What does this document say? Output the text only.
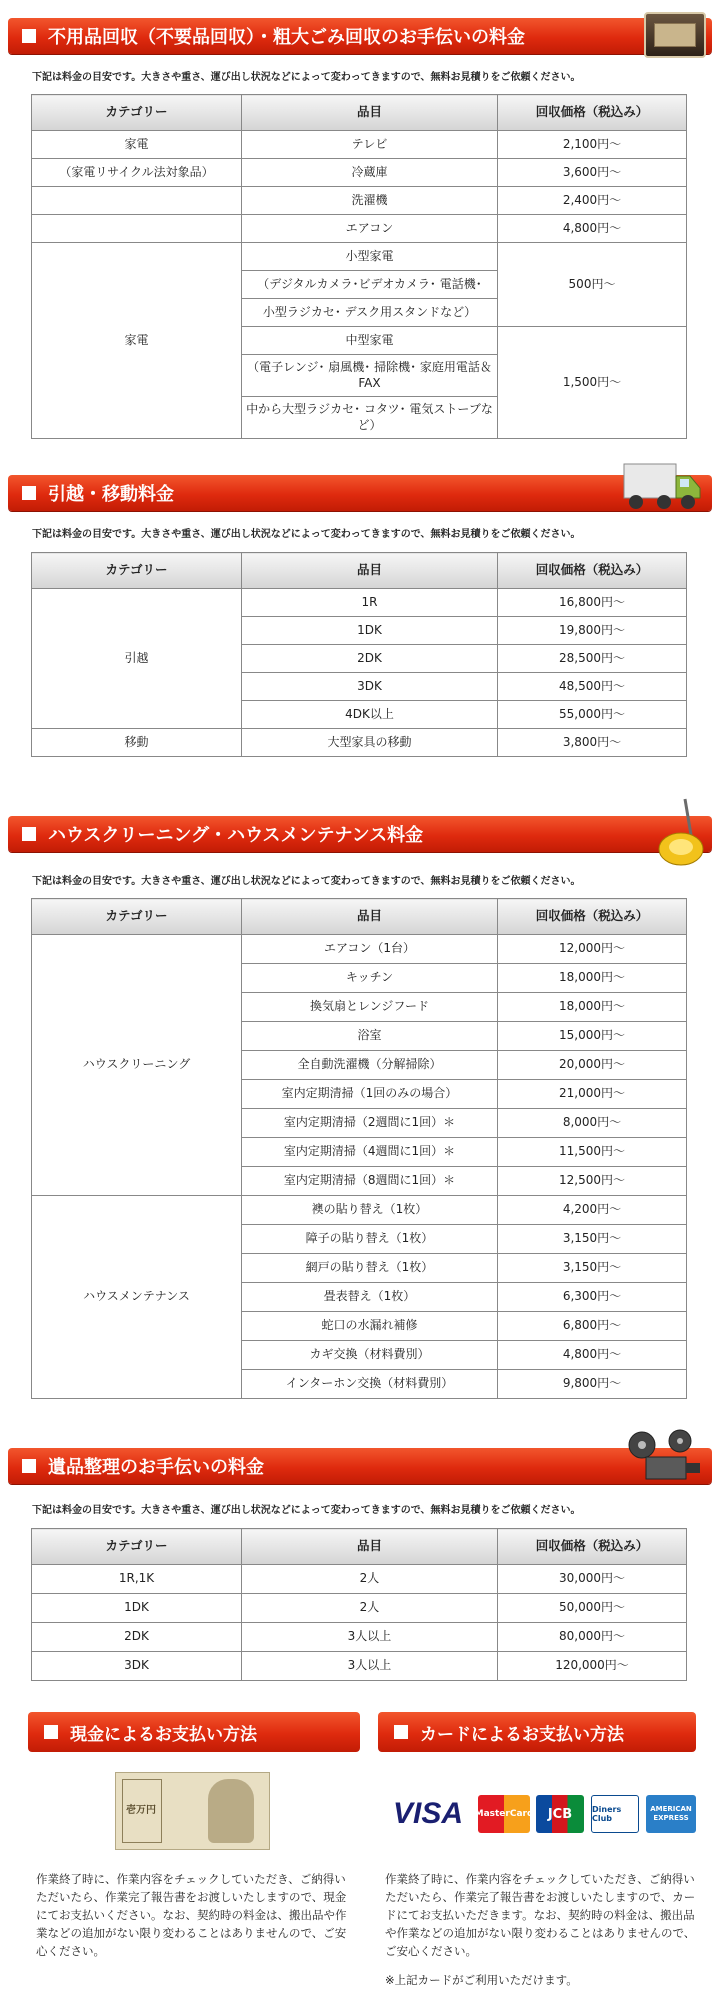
不用品回収（不要品回収）・粗大ごみ回収のお手伝いの料金
下記は料金の目安です。大きさや重さ、運び出し状況などによって変わってきますので、無料お見積りをご依頼ください。
カテゴリー	品目	回収価格（税込み）
家電	テレビ	2,100円～
（家電リサイクル法対象品）	冷蔵庫	3,600円～
	洗濯機	2,400円～
	エアコン	4,800円～
家電	小型家電	500円～
	（デジタルカメラ･ビデオカメラ･ 電話機･	
	小型ラジカセ･ デスク用スタンドなど）	
	中型家電	1,500円～
	（電子レンジ･ 扇風機･ 掃除機･ 家庭用電話＆ FAX	
	中から大型ラジカセ･ コタツ･ 電気ストーブなど）	
引越・移動料金
下記は料金の目安です。大きさや重さ、運び出し状況などによって変わってきますので、無料お見積りをご依頼ください。
カテゴリー	品目	回収価格（税込み）
引越	1R	16,800円～
	1DK	19,800円～
	2DK	28,500円～
	3DK	48,500円～
	4DK以上	55,000円～
移動	大型家具の移動	3,800円～
ハウスクリーニング・ハウスメンテナンス料金
下記は料金の目安です。大きさや重さ、運び出し状況などによって変わってきますので、無料お見積りをご依頼ください。
カテゴリー	品目	回収価格（税込み）
ハウスクリーニング	エアコン（1台）	12,000円～
	キッチン	18,000円～
	換気扇とレンジフード	18,000円～
	浴室	15,000円～
	全自動洗濯機（分解掃除）	20,000円～
	室内定期清掃（1回のみの場合）	21,000円～
	室内定期清掃（2週間に1回）＊	8,000円～
	室内定期清掃（4週間に1回）＊	11,500円～
	室内定期清掃（8週間に1回）＊	12,500円～
ハウスメンテナンス	襖の貼り替え（1枚）	4,200円～
	障子の貼り替え（1枚）	3,150円～
	網戸の貼り替え（1枚）	3,150円～
	畳表替え（1枚）	6,300円～
	蛇口の水漏れ補修	6,800円～
	カギ交換（材料費別）	4,800円～
	インターホン交換（材料費別）	9,800円～
遺品整理のお手伝いの料金
下記は料金の目安です。大きさや重さ、運び出し状況などによって変わってきますので、無料お見積りをご依頼ください。
カテゴリー	品目	回収価格（税込み）
1R,1K	2人	30,000円～
1DK	2人	50,000円～
2DK	3人以上	80,000円～
3DK	3人以上	120,000円～
現金によるお支払い方法	カードによるお支払い方法
壱万円	VISA	MasterCard	JCB	Diners Club
AMERICAN EXPRESS
作業終了時に、作業内容をチェックしていただき、ご納得いただいたら、作業完了報告書をお渡しいたしますので、現金にてお支払いください。なお、契約時の料金は、搬出品や作業などの追加がない限り変わることはありませんので、ご安心ください。
作業終了時に、作業内容をチェックしていただき、ご納得いただいたら、作業完了報告書をお渡しいたしますので、カードにてお支払いただきます。なお、契約時の料金は、搬出品や作業などの追加がない限り変わることはありませんので、ご安心ください。
※上記カードがご利用いただけます。
